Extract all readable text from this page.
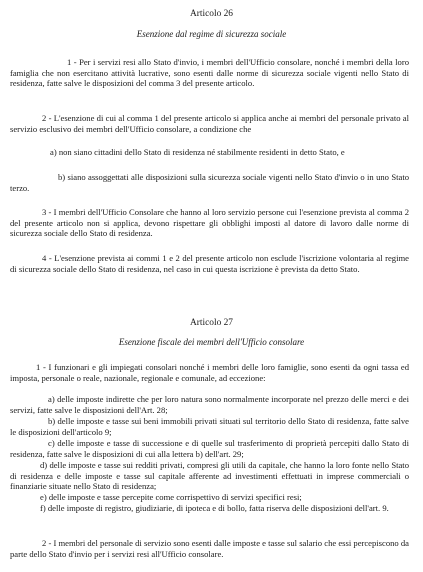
Articolo 26
Esenzione dal regime di sicurezza sociale
1 - Per i servizi resi allo Stato d'invio, i membri dell'Ufficio consolare, nonché i membri della loro famiglia che non esercitano attività lucrative, sono esenti dalle norme di sicurezza sociale vigenti nello Stato di residenza, fatte salve le disposizioni del comma 3 del presente articolo.
2 - L'esenzione di cui al comma 1 del presente articolo si applica anche ai membri del personale privato al servizio esclusivo dei membri dell'Ufficio consolare, a condizione che
a) non siano cittadini dello Stato di residenza né stabilmente residenti in detto Stato, e
b) siano assoggettati alle disposizioni sulla sicurezza sociale vigenti nello Stato d'invio o in uno Stato terzo.
3 - I membri dell'Ufficio Consolare che hanno al loro servizio persone cui l'esenzione prevista al comma 2 del presente articolo non si applica, devono rispettare gli obblighi imposti al datore di lavoro dalle norme di sicurezza sociale dello Stato di residenza.
4 - L'esenzione prevista ai commi 1 e 2 del presente articolo non esclude l'iscrizione volontaria al regime di sicurezza sociale dello Stato di residenza, nel caso in cui questa iscrizione è prevista da detto Stato.
Articolo 27
Esenzione fiscale dei membri dell'Ufficio consolare
1 - I funzionari e gli impiegati consolari nonché i membri delle loro famiglie, sono esenti da ogni tassa ed imposta, personale o reale, nazionale, regionale e comunale, ad eccezione:
a) delle imposte indirette che per loro natura sono normalmente incorporate nel prezzo delle merci e dei servizi, fatte salve le disposizioni dell'Art. 28;
b) delle imposte e tasse sui beni immobili privati situati sul territorio dello Stato di residenza, fatte salve le disposizioni dell'articolo 9;
c) delle imposte e tasse di successione e di quelle sul trasferimento di proprietà percepiti dallo Stato di residenza, fatte salve le disposizioni di cui alla lettera b) dell'art. 29;
d) delle imposte e tasse sui redditi privati, compresi gli utili da capitale, che hanno la loro fonte nello Stato di residenza e delle imposte e tasse sul capitale afferente ad investimenti effettuati in imprese commerciali o finanziarie situate nello Stato di residenza;
e) delle imposte e tasse percepite come corrispettivo di servizi specifici resi;
f) delle imposte di registro, giudiziarie, di ipoteca e di bollo, fatta riserva delle disposizioni dell'art. 9.
2 - I membri del personale di servizio sono esenti dalle imposte e tasse sul salario che essi percepiscono da parte dello Stato d'invio per i servizi resi all'Ufficio consolare.
